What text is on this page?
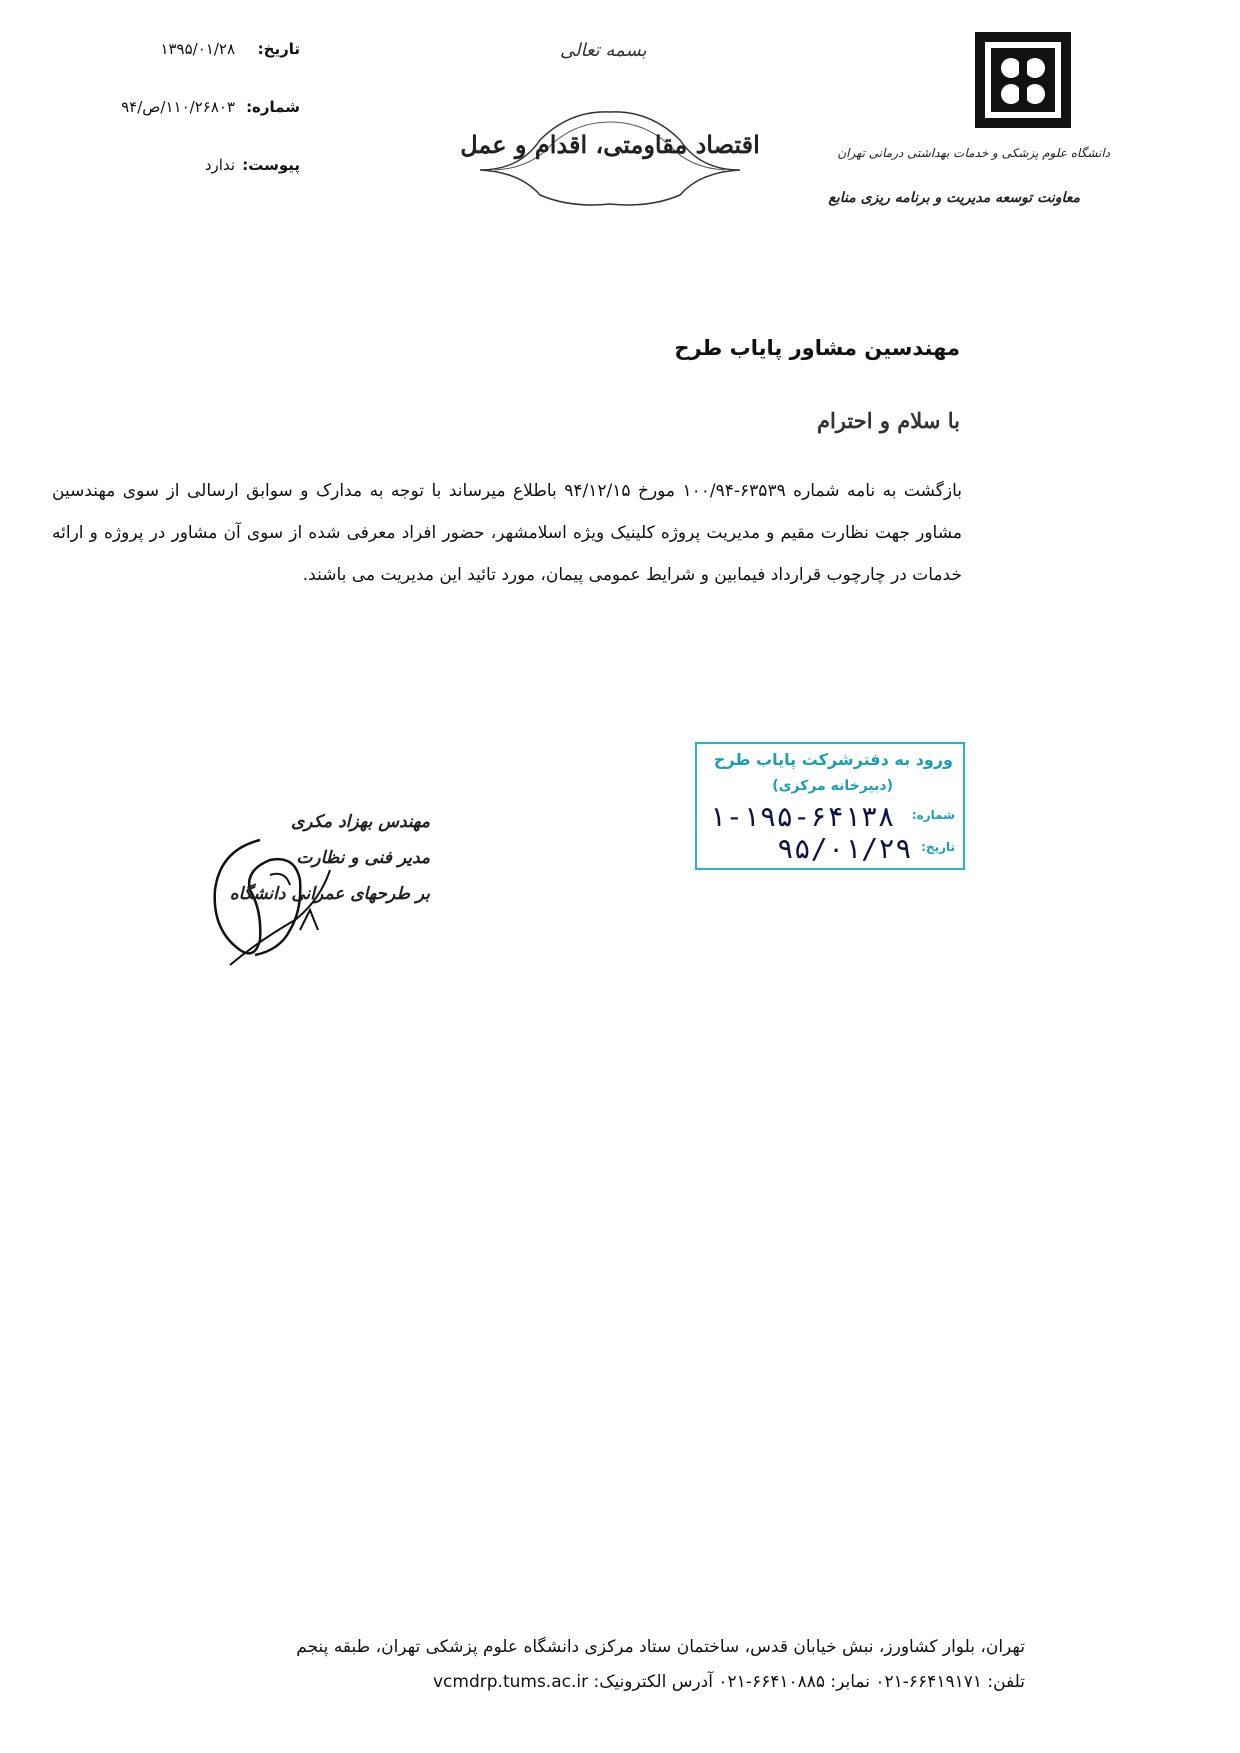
تاریخ:
۱۳۹۵/۰۱/۲۸
شماره:
۱۱۰/۲۶۸۰۳/ص/۹۴
پیوست:
ندارد
بسمه تعالی
اقتصاد مقاومتی، اقدام و عمل	دانشگاه علوم پزشکی و خدمات بهداشتی درمانی تهران
معاونت توسعه مدیریت و برنامه ریزی منابع
مهندسین مشاور پایاب طرح
با سلام و احترام
بازگشت به نامه شماره ۶۳۵۳۹-۱۰۰/۹۴ مورخ ۹۴/۱۲/۱۵ باطلاع میرساند با توجه به مدارک و سوابق ارسالی از سوی مهندسین مشاور جهت نظارت مقیم و مدیریت پروژه کلینیک ویژه اسلامشهر، حضور افراد معرفی شده از سوی آن مشاور در پروژه و ارائه خدمات در چارچوب قرارداد فیمابین و شرایط عمومی پیمان، مورد تائید این مدیریت می باشند.
ورود به دفترشرکت پایاب طرح
(دبیرخانه مرکزی)
شماره:
۱-۱۹۵-۶۴۱۳۸
تاریخ:
۹۵/۰۱/۲۹
مهندس بهزاد مکری
مدیر فنی و نظارت
بر طرحهای عمرانی دانشگاه
تهران، بلوار کشاورز، نبش خیابان قدس، ساختمان ستاد مرکزی دانشگاه علوم پزشکی تهران، طبقه پنجم
تلفن: ۶۶۴۱۹۱۷۱-۰۲۱ نمابر: ۶۶۴۱۰۸۸۵-۰۲۱ آدرس الکترونیک: vcmdrp.tums.ac.ir
